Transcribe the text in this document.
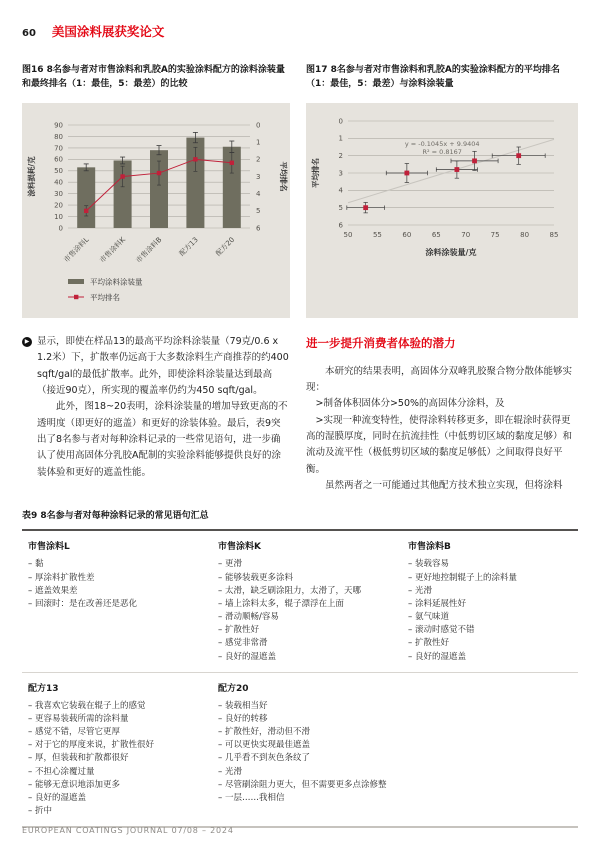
60 美国涂料展获奖论文
图16 8名参与者对市售涂料和乳胶A的实验涂料配方的涂料涂装量和最终排名（1：最佳，5：最差）的比较
图17 8名参与者对市售涂料和乳胶A的实验涂料配方的平均排名（1：最佳，5：最差）与涂料涂装量
0
10
20
30
40
50
60
70
80
90	0
1
2
3
4
5
6
涂料损耗/克	平均排名
市售涂料L 市售涂料K 市售涂料B 配方13 配方20
平均涂料涂装量
平均排名
0
1
2
3
4
5
6
50	55	60	65	70	75	80	85
平均排名
涂料涂装量/克
y = -0.1045x + 9.9404
R² = 0.8167
▶ 显示，即使在样品13的最高平均涂料涂装量（79克/0.6 x 1.2米）下，扩散率仍远高于大多数涂料生产商推荐的约400 sqft/gal的最低扩散率。此外，即使涂料涂装量达到最高（接近90克），所实现的覆盖率仍约为450 sqft/gal。

此外，图18~20表明，涂料涂装量的增加导致更高的不透明度（即更好的遮盖）和更好的涂装体验。最后，表9突出了8名参与者对每种涂料记录的一些常见语句，进一步确认了使用高固体分乳胶A配制的实验涂料能够提供良好的涂装体验和更好的遮盖性能。

进一步提升消费者体验的潜力

本研究的结果表明，高固体分双峰乳胶聚合物分散体能够实现：

>制备体积固体分>50%的高固体分涂料，及

>实现一种流变特性，使得涂料转移更多，即在辊涂时获得更高的湿膜厚度，同时在抗流挂性（中低剪切区域的黏度足够）和流动及流平性（极低剪切区域的黏度足够低）之间取得良好平衡。

虽然两者之一可能通过其他配方技术独立实现，但将涂料

表9 8名参与者对每种涂料记录的常见语句汇总
市售涂料L
– 黏
– 厚涂料扩散性差
– 遮盖效果差
– 回滚时：是在改善还是恶化
市售涂料K
– 更滑
– 能够装载更多涂料
– 太滑，缺乏刷涂阻力，太滑了，天哪
– 墙上涂料太多，辊子漂浮在上面
– 滑动顺畅/容易
– 扩散性好
– 感觉非常滑
– 良好的湿遮盖
市售涂料B
– 装载容易
– 更好地控制辊子上的涂料量
– 光滑
– 涂料延展性好
– 氨气味道
– 滚动时感觉不错
– 扩散性好
– 良好的湿遮盖
配方13
– 我喜欢它装载在辊子上的感觉
– 更容易装载所需的涂料量
– 感觉不错，尽管它更厚
– 对于它的厚度来说，扩散性很好
– 厚，但装载和扩散都很好
– 不担心涂覆过量
– 能够无意识地添加更多
– 良好的湿遮盖
– 折中
配方20
– 装载相当好
– 良好的转移
– 扩散性好，滑动但不滑
– 可以更快实现最佳遮盖
– 几乎看不到灰色条纹了
– 光滑
– 尽管刷涂阻力更大，但不需要更多点涂修整
– 一层……我相信
EUROPEAN COATINGS JOURNAL 07/08 – 2024
